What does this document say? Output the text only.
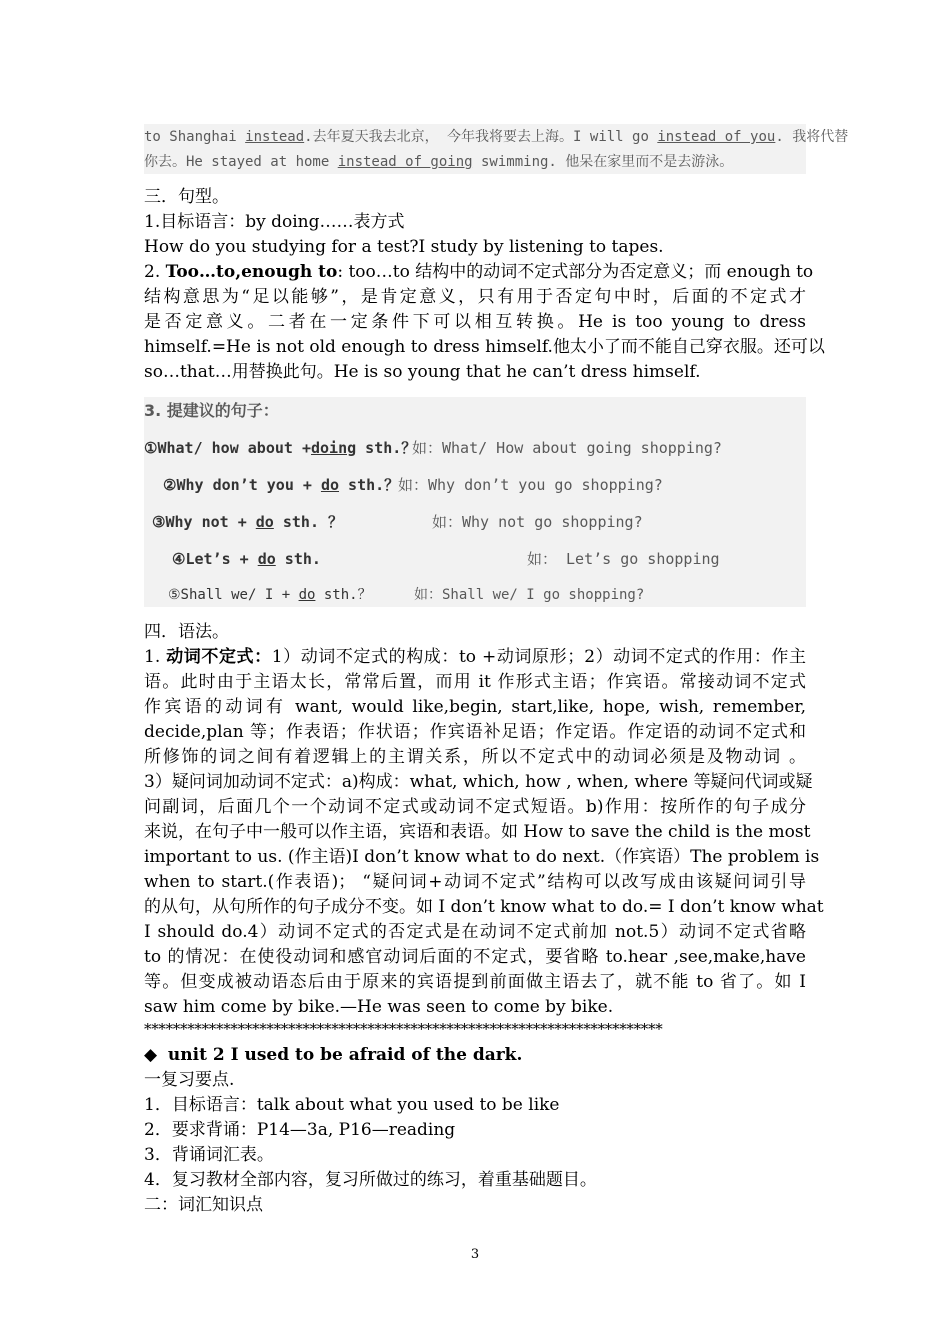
to Shanghai instead.去年夏天我去北京， 今年我将要去上海。I will go instead of you. 我将代替
你去。He stayed at home instead of going swimming. 他呆在家里而不是去游泳。
三．句型。
1.目标语言：by doing……表方式
How do you studying for a test?I study by listening to tapes.
2. Too…to,enough to: too…to 结构中的动词不定式部分为否定意义；而 enough to
结构意思为“足以能够”，是肯定意义，只有用于否定句中时，后面的不定式才
是否定意义。二者在一定条件下可以相互转换。He is too young to dress
himself.=He is not old enough to dress himself.他太小了而不能自己穿衣服。还可以
so…that…用替换此句。He is so young that he can’t dress himself.
3. 提建议的句子：
①What/ how about +doing sth.？
如：What/ How about going shopping?
②Why don’t you + do sth.？
如：Why don’t you go shopping?
③Why not + do sth. ？	如：Why not go shopping?
④Let’s + do sth.	如： Let’s go shopping
⑤Shall we/ I + do sth.？	如：Shall we/ I go shopping?
四．语法。
1. 动词不定式：1）动词不定式的构成：to +动词原形；2）动词不定式的作用：作主
语。此时由于主语太长，常常后置，而用 it 作形式主语；作宾语。常接动词不定式
作宾语的动词有 want, would like,begin, start,like, hope, wish, remember,
decide,plan 等；作表语；作状语；作宾语补足语；作定语。作定语的动词不定式和
所修饰的词之间有着逻辑上的主谓关系，所以不定式中的动词必须是及物动词 。
3）疑问词加动词不定式：a)构成：what, which, how , when, where 等疑问代词或疑
问副词，后面几个一个动词不定式或动词不定式短语。b)作用：按所作的句子成分
来说，在句子中一般可以作主语，宾语和表语。如 How to save the child is the most
important to us. (作主语)I don’t know what to do next.（作宾语）The problem is
when to start.(作表语)； “疑问词+动词不定式”结构可以改写成由该疑问词引导
的从句，从句所作的句子成分不变。如 I don’t know what to do.= I don’t know what
I should do.4）动词不定式的否定式是在动词不定式前加 not.5）动词不定式省略
to 的情况：在使役动词和感官动词后面的不定式，要省略 to.hear ,see,make,have
等。但变成被动语态后由于原来的宾语提到前面做主语去了，就不能 to 省了。如 I
saw him come by bike.—He was seen to come by bike.
************************************************************************
◆ unit 2 I used to be afraid of the dark.
一复习要点.
1．目标语言：talk about what you used to be like
2．要求背诵：P14—3a, P16—reading
3．背诵词汇表。
4．复习教材全部内容，复习所做过的练习，着重基础题目。
二：词汇知识点
3
